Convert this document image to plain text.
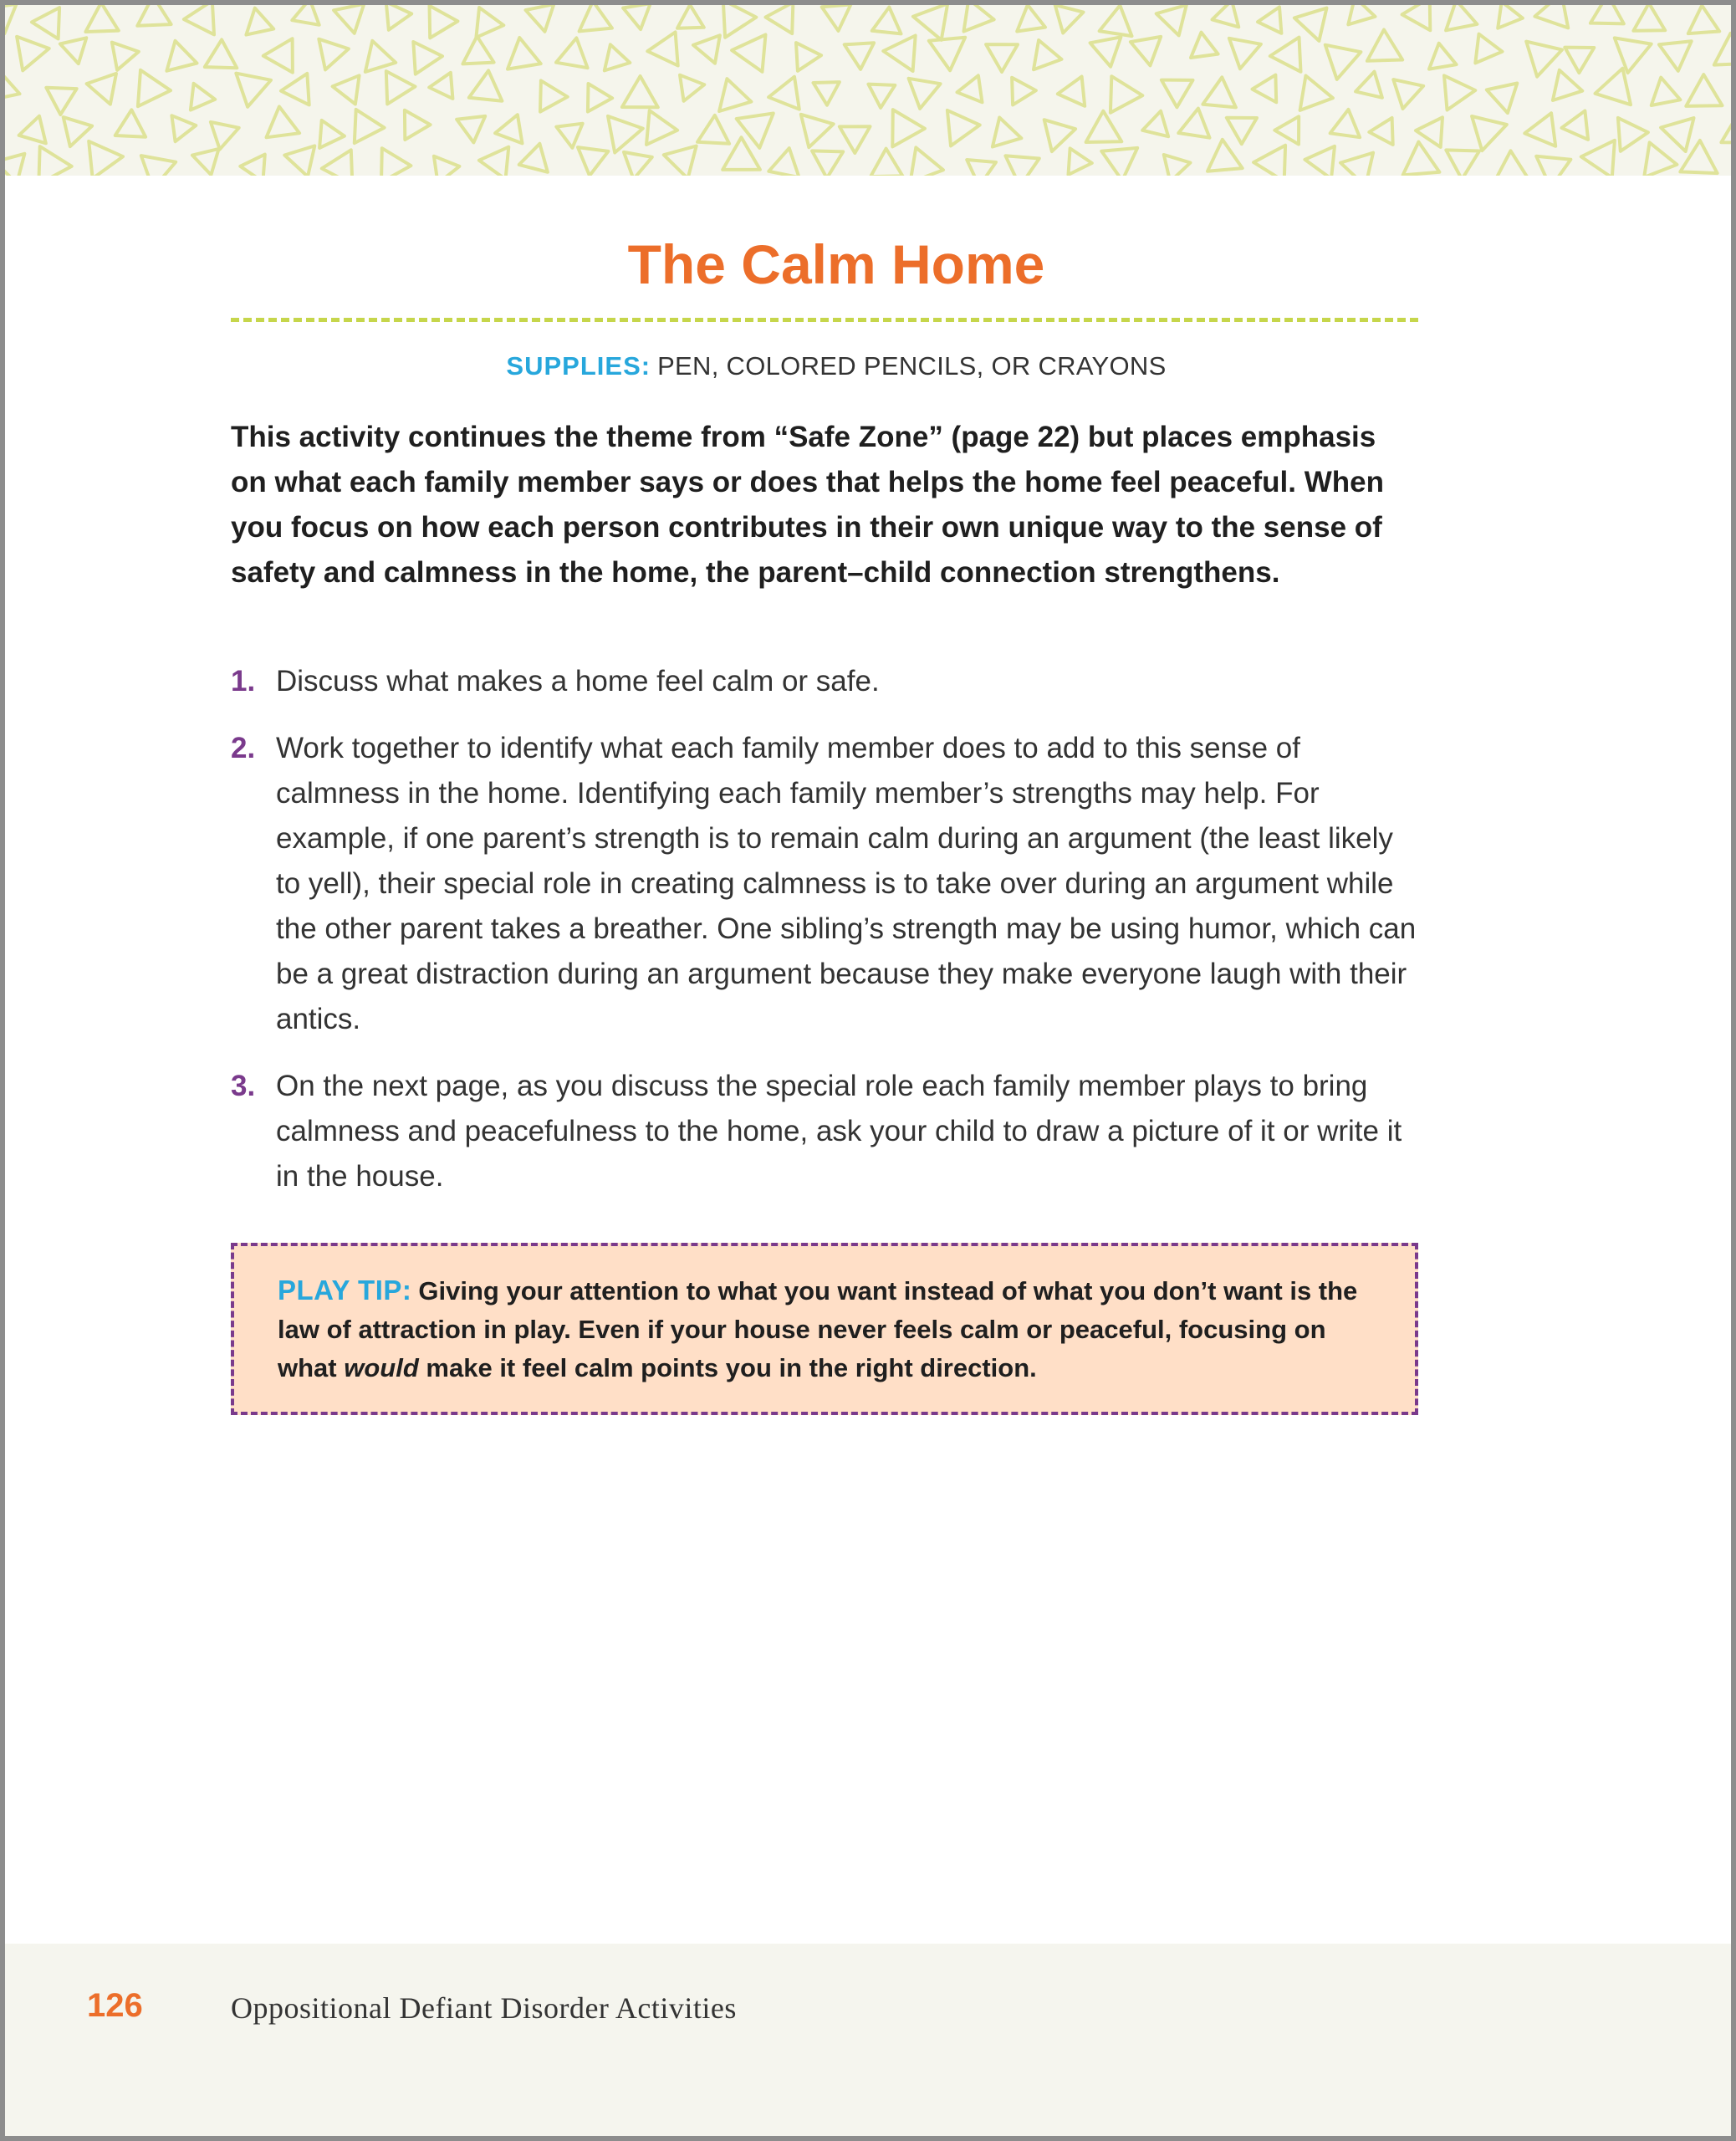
The Calm Home
SUPPLIES: PEN, COLORED PENCILS, OR CRAYONS

This activity continues the theme from “Safe Zone” (page 22) but places emphasis on what each family member says or does that helps the home feel peaceful. When you focus on how each person contributes in their own unique way to the sense of safety and calmness in the home, the parent–child connection strengthens.

1. Discuss what makes a home feel calm or safe.
2. Work together to identify what each family member does to add to this sense of calmness in the home. Identifying each family member’s strengths may help. For example, if one parent’s strength is to remain calm during an argument (the least likely to yell), their special role in creating calmness is to take over during an argument while the other parent takes a breather. One sibling’s strength may be using humor, which can be a great distraction during an argument because they make everyone laugh with their antics.
3. On the next page, as you discuss the special role each family member plays to bring calmness and peacefulness to the home, ask your child to draw a picture of it or write it in the house.
PLAY TIP: Giving your attention to what you want instead of what you don’t want is the law of attraction in play. Even if your house never feels calm or peaceful, focusing on what would make it feel calm points you in the right direction.
126	Oppositional Defiant Disorder Activities
